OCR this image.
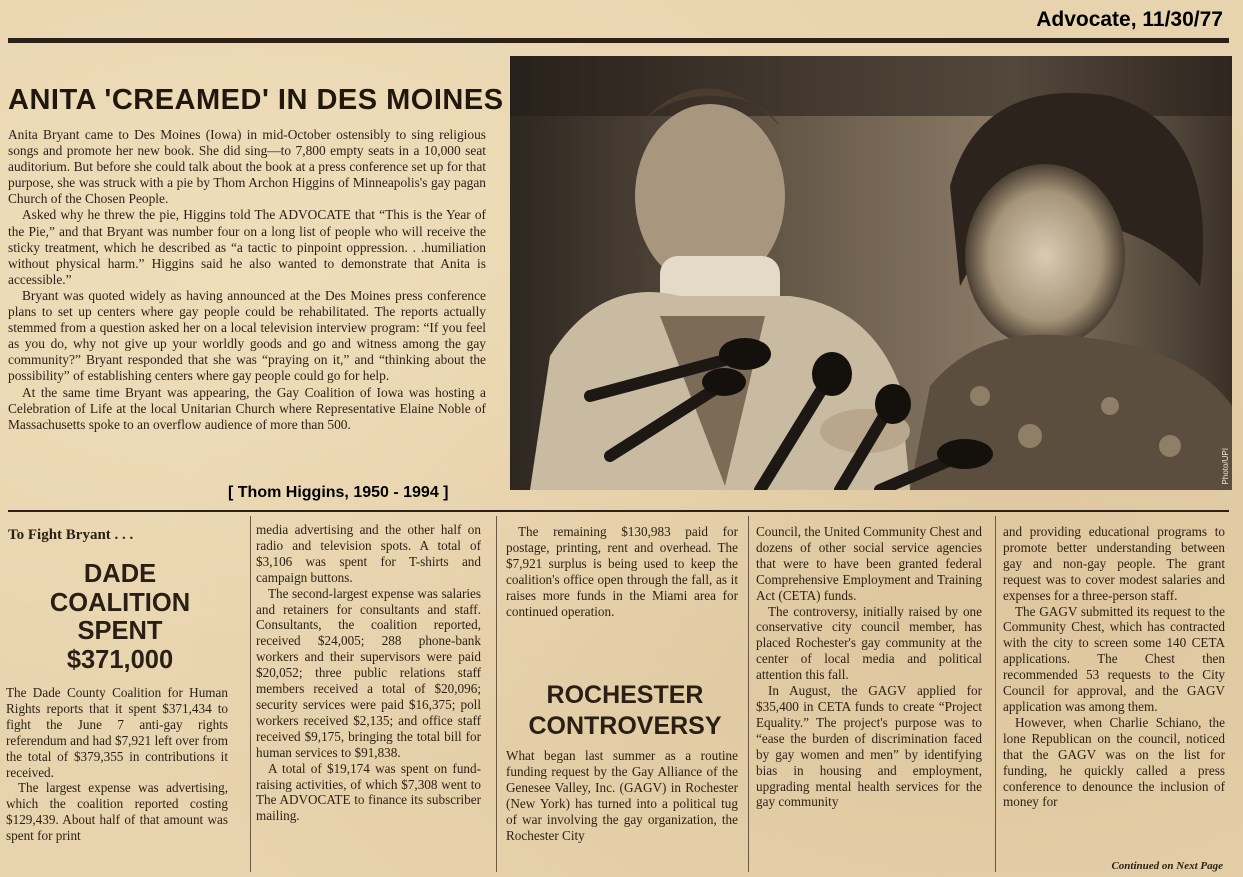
Advocate, 11/30/77
ANITA 'CREAMED' IN DES MOINES

Anita Bryant came to Des Moines (Iowa) in mid-October ostensibly to sing religious songs and promote her new book. She did sing—to 7,800 empty seats in a 10,000 seat auditorium. But before she could talk about the book at a press conference set up for that purpose, she was struck with a pie by Thom Archon Higgins of Minneapolis's gay pagan Church of the Chosen People.

Asked why he threw the pie, Higgins told The ADVOCATE that “This is the Year of the Pie,” and that Bryant was number four on a long list of people who will receive the sticky treatment, which he described as “a tactic to pinpoint oppression. . .humiliation without physical harm.” Higgins said he also wanted to demonstrate that Anita is accessible.”

Bryant was quoted widely as having announced at the Des Moines press conference plans to set up centers where gay people could be rehabilitated. The reports actually stemmed from a question asked her on a local television interview program: “If you feel as you do, why not give up your worldly goods and go and witness among the gay community?” Bryant responded that she was “praying on it,” and “thinking about the possibility” of establishing centers where gay people could go for help.

At the same time Bryant was appearing, the Gay Coalition of Iowa was hosting a Celebration of Life at the local Unitarian Church where Representative Elaine Noble of Massachusetts spoke to an overflow audience of more than 500.

[ Thom Higgins, 1950 - 1994 ]
Photo/UPI
To Fight Bryant . . .
DADE
COALITION
SPENT
$371,000

The Dade County Coalition for Human Rights reports that it spent $371,434 to fight the June 7 anti-gay rights referendum and had $7,921 left over from the total of $379,355 in contributions it received.

The largest expense was advertising, which the coalition reported costing $129,439. About half of that amount was spent for print

media advertising and the other half on radio and television spots. A total of $3,106 was spent for T-shirts and campaign buttons.

The second-largest expense was salaries and retainers for consultants and staff. Consultants, the coalition reported, received $24,005; 288 phone-bank workers and their supervisors were paid $20,052; three public relations staff members received a total of $20,096; security services were paid $16,375; poll workers received $2,135; and office staff received $9,175, bringing the total bill for human services to $91,838.

A total of $19,174 was spent on fund-raising activities, of which $7,308 went to The ADVOCATE to finance its subscriber mailing.

The remaining $130,983 paid for postage, printing, rent and overhead. The $7,921 surplus is being used to keep the coalition's office open through the fall, as it raises more funds in the Miami area for continued operation.

ROCHESTER
CONTROVERSY

What began last summer as a routine funding request by the Gay Alliance of the Genesee Valley, Inc. (GAGV) in Rochester (New York) has turned into a political tug of war involving the gay organization, the Rochester City

Council, the United Community Chest and dozens of other social service agencies that were to have been granted federal Comprehensive Employment and Training Act (CETA) funds.

The controversy, initially raised by one conservative city council member, has placed Rochester's gay community at the center of local media and political attention this fall.

In August, the GAGV applied for $35,400 in CETA funds to create “Project Equality.” The project's purpose was to “ease the burden of discrimination faced by gay women and men” by identifying bias in housing and employment, upgrading mental health services for the gay community

and providing educational programs to promote better understanding between gay and non-gay people. The grant request was to cover modest salaries and expenses for a three-person staff.

The GAGV submitted its request to the Community Chest, which has contracted with the city to screen some 140 CETA applications. The Chest then recommended 53 requests to the City Council for approval, and the GAGV application was among them.

However, when Charlie Schiano, the lone Republican on the council, noticed that the GAGV was on the list for funding, he quickly called a press conference to denounce the inclusion of money for

Continued on Next Page
